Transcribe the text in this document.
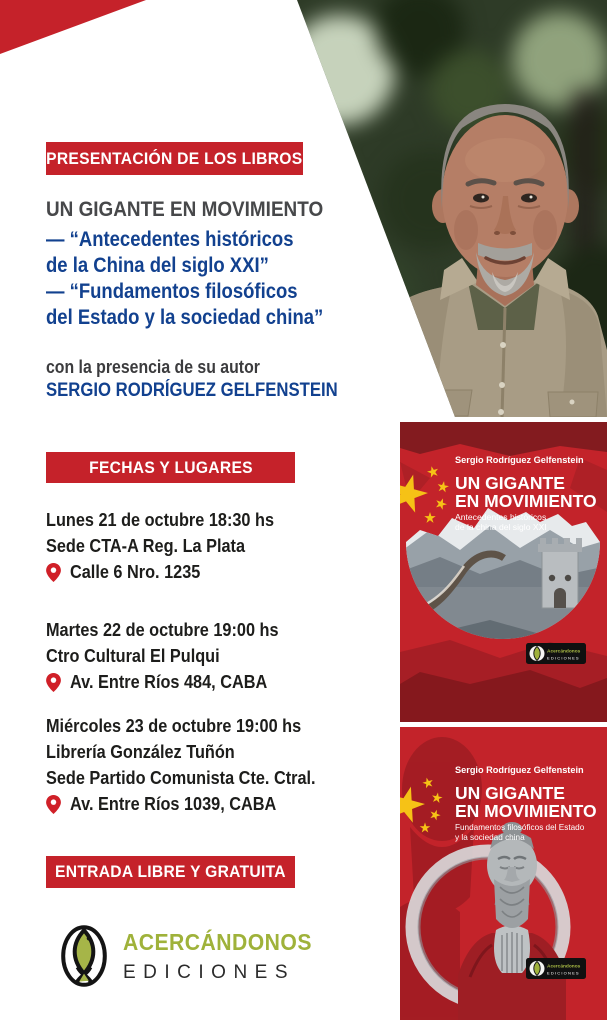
PRESENTACIÓN DE LOS LIBROS
UN GIGANTE EN MOVIMIENTO
— “Antecedentes históricos
de la China del siglo XXI”
— “Fundamentos filosóficos
del Estado y la sociedad china”
con la presencia de su autor
SERGIO RODRÍGUEZ GELFENSTEIN
FECHAS Y LUGARES
Lunes 21 de octubre 18:30 hs
Sede CTA-A Reg. La Plata
Calle 6 Nro. 1235
Martes 22 de octubre 19:00 hs
Ctro Cultural El Pulqui
Av. Entre Ríos 484, CABA
Miércoles 23 de octubre 19:00 hs
Librería González Tuñón
Sede Partido Comunista Cte. Ctral.
Av. Entre Ríos 1039, CABA
ENTRADA LIBRE Y GRATUITA
ACERCÁNDONOS
EDICIONES
Sergio Rodríguez Gelfenstein
UN GIGANTE
EN MOVIMIENTO
Antecedentes históricos
de la china del siglo XXI
Acercándonos
EDICIONES
Sergio Rodríguez Gelfenstein
UN GIGANTE
EN MOVIMIENTO
Fundamentos filosóficos del Estado
y la sociedad china
Acercándonos
EDICIONES
